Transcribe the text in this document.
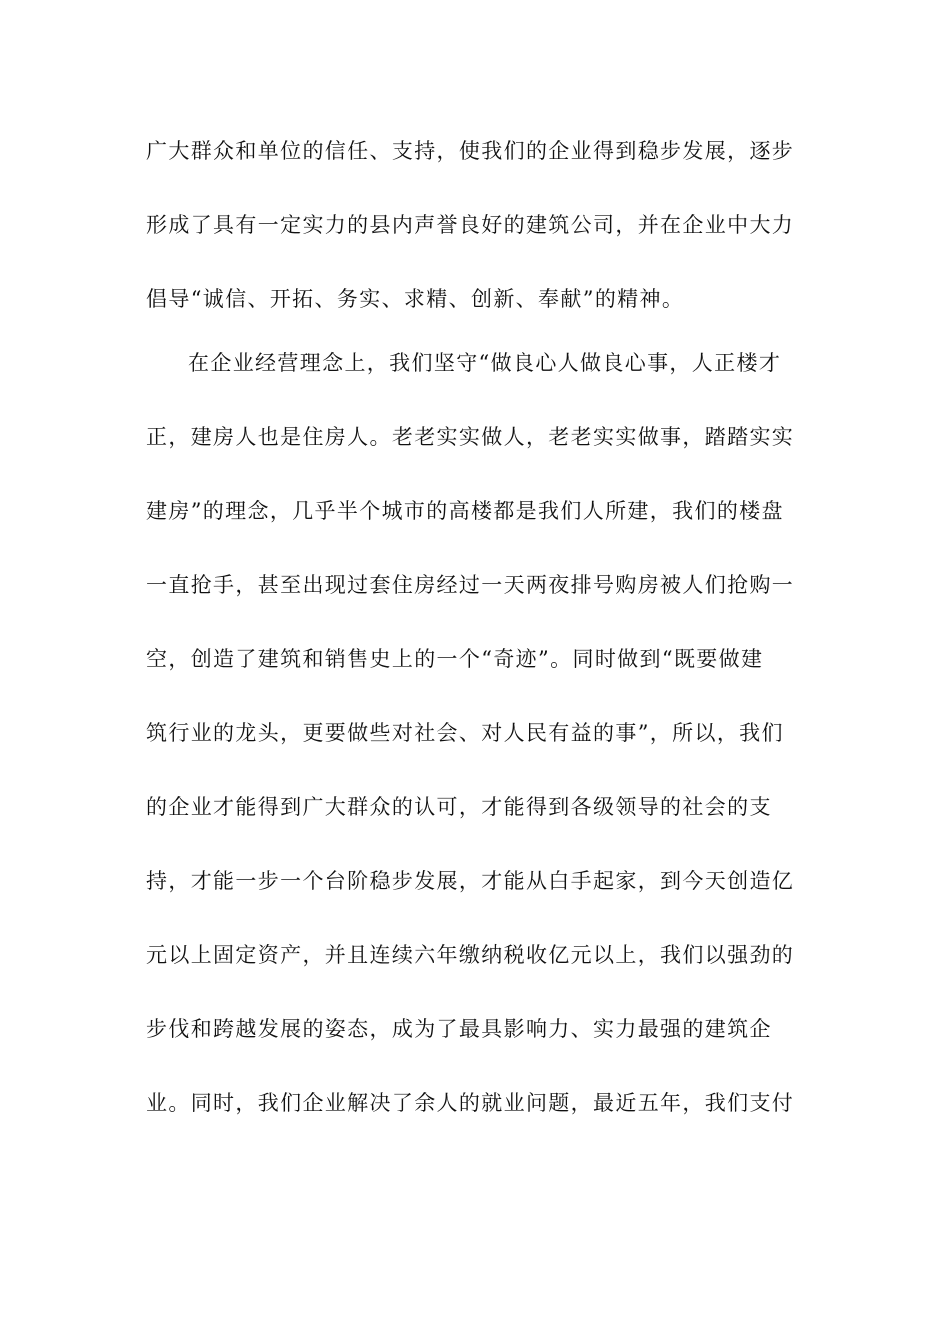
广大群众和单位的信任、支持，使我们的企业得到稳步发展，逐步
形成了具有一定实力的县内声誉良好的建筑公司，并在企业中大力
倡导“诚信、开拓、务实、求精、创新、奉献”的精神。
在企业经营理念上，我们坚守“做良心人做良心事，人正楼才
正，建房人也是住房人。老老实实做人，老老实实做事，踏踏实实
建房”的理念，几乎半个城市的高楼都是我们人所建，我们的楼盘
一直抢手，甚至出现过套住房经过一天两夜排号购房被人们抢购一
空，创造了建筑和销售史上的一个“奇迹”。同时做到“既要做建
筑行业的龙头，更要做些对社会、对人民有益的事”，所以，我们
的企业才能得到广大群众的认可，才能得到各级领导的社会的支
持，才能一步一个台阶稳步发展，才能从白手起家，到今天创造亿
元以上固定资产，并且连续六年缴纳税收亿元以上，我们以强劲的
步伐和跨越发展的姿态，成为了最具影响力、实力最强的建筑企
业。同时，我们企业解决了余人的就业问题，最近五年，我们支付
